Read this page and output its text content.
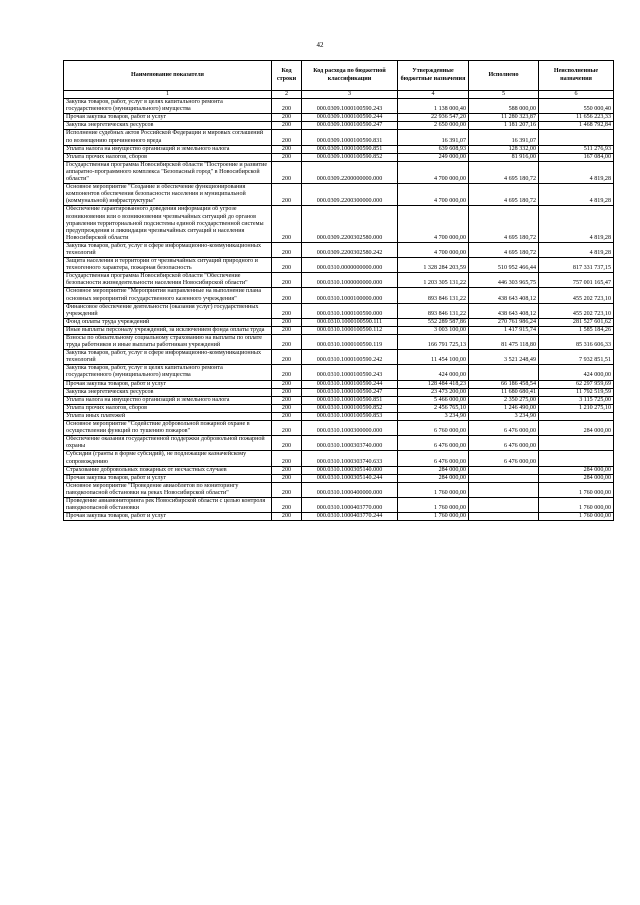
42
Наименование показателя	Код строки	Код расхода по бюджетной классификации	Утвержденные бюджетные назначения	Исполнено	Неисполненные назначения
1	2	3	4	5	6
Закупка товаров, работ, услуг в целях капитального ремонта государственного (муниципального) имущества	200	000.0309.1000100590.243	1 138 000,40	588 000,00	550 000,40
Прочая закупка товаров, работ и услуг	200	000.0309.1000100590.244	22 936 547,20	11 280 323,87	11 656 223,33
Закупка энергетических ресурсов	200	000.0309.1000100590.247	2 650 000,00	1 181 207,16	1 468 792,84
Исполнение судебных актов Российской Федерации и мировых соглашений по возмещению причиненного вреда	200	000.0309.1000100590.831	16 391,07	16 391,07	
Уплата налога на имущество организаций и земельного налога	200	000.0309.1000100590.851	639 608,93	128 332,00	511 276,93
Уплата прочих налогов, сборов	200	000.0309.1000100590.852	249 000,00	81 916,00	167 084,00
Государственная программа Новосибирской области "Построение и развитие аппаратно-программного комплекса "Безопасный город" в Новосибирской области"	200	000.0309.2200000000.000	4 700 000,00	4 695 180,72	4 819,28
Основное мероприятие "Создание и обеспечение функционирования компонентов обеспечения безопасности населения и муниципальной (коммунальной) инфраструктуры"	200	000.0309.2200300000.000	4 700 000,00	4 695 180,72	4 819,28
Обеспечение гарантированного доведения информации об угрозе возникновения или о возникновении чрезвычайных ситуаций до органов управления территориальной подсистемы единой государственной системы предупреждения и ликвидации чрезвычайных ситуаций и населения Новосибирской области	200	000.0309.2200302580.000	4 700 000,00	4 695 180,72	4 819,28
Закупка товаров, работ, услуг в сфере информационно-коммуникационных технологий	200	000.0309.2200302580.242	4 700 000,00	4 695 180,72	4 819,28
Защита населения и территории от чрезвычайных ситуаций природного и техногенного характера, пожарная безопасность	200	000.0310.0000000000.000	1 328 284 203,59	510 952 466,44	817 331 737,15
Государственная программа Новосибирской области "Обеспечение безопасности жизнедеятельности населения Новосибирской области"	200	000.0310.1000000000.000	1 203 305 131,22	446 303 965,75	757 001 165,47
Основное мероприятие "Мероприятия направленные на выполнение плана основных мероприятий государственного казенного учреждения"	200	000.0310.1000100000.000	893 846 131,22	438 643 408,12	455 202 723,10
Финансовое обеспечение деятельности (оказания услуг) государственных учреждений	200	000.0310.1000100590.000	893 846 131,22	438 643 408,12	455 202 723,10
Фонд оплаты труда учреждений	200	000.0310.1000100590.111	552 289 587,86	270 761 986,24	281 527 601,62
Иные выплаты персоналу учреждений, за исключением фонда оплаты труда	200	000.0310.1000100590.112	3 003 100,00	1 417 915,74	1 585 184,26
Взносы по обязательному социальному страхованию на выплаты по оплате труда работников и иные выплаты работникам учреждений	200	000.0310.1000100590.119	166 791 725,13	81 475 118,80	85 316 606,33
Закупка товаров, работ, услуг в сфере информационно-коммуникационных технологий	200	000.0310.1000100590.242	11 454 100,00	3 521 248,49	7 932 851,51
Закупка товаров, работ, услуг в целях капитального ремонта государственного (муниципального) имущества	200	000.0310.1000100590.243	424 000,00		424 000,00
Прочая закупка товаров, работ и услуг	200	000.0310.1000100590.244	128 484 418,23	66 186 458,54	62 297 959,69
Закупка энергетических ресурсов	200	000.0310.1000100590.247	23 473 200,00	11 680 680,41	11 792 519,59
Уплата налога на имущество организаций и земельного налога	200	000.0310.1000100590.851	5 466 000,00	2 350 275,00	3 115 725,00
Уплата прочих налогов, сборов	200	000.0310.1000100590.852	2 456 765,10	1 246 490,00	1 210 275,10
Уплата иных платежей	200	000.0310.1000100590.853	3 234,90	3 234,90	
Основное мероприятие "Содействие добровольной пожарной охране в осуществлении функций по тушению пожаров"	200	000.0310.1000300000.000	6 760 000,00	6 476 000,00	284 000,00
Обеспечение оказания государственной поддержки добровольной пожарной охраны	200	000.0310.1000303740.000	6 476 000,00	6 476 000,00	
Субсидии (гранты в форме субсидий), не подлежащие казначейскому сопровождению	200	000.0310.1000303740.633	6 476 000,00	6 476 000,00	
Страхование добровольных пожарных от несчастных случаев	200	000.0310.1000305140.000	284 000,00		284 000,00
Прочая закупка товаров, работ и услуг	200	000.0310.1000305140.244	284 000,00		284 000,00
Основное мероприятие "Проведение авиаоблетов по мониторингу паводкоопасной обстановки на реках Новосибирской области"	200	000.0310.1000400000.000	1 760 000,00		1 760 000,00
Проведение авиамониторинга рек Новосибирской области с целью контроля паводкоопасной обстановки	200	000.0310.1000403770.000	1 760 000,00		1 760 000,00
Прочая закупка товаров, работ и услуг	200	000.0310.1000403770.244	1 760 000,00		1 760 000,00
